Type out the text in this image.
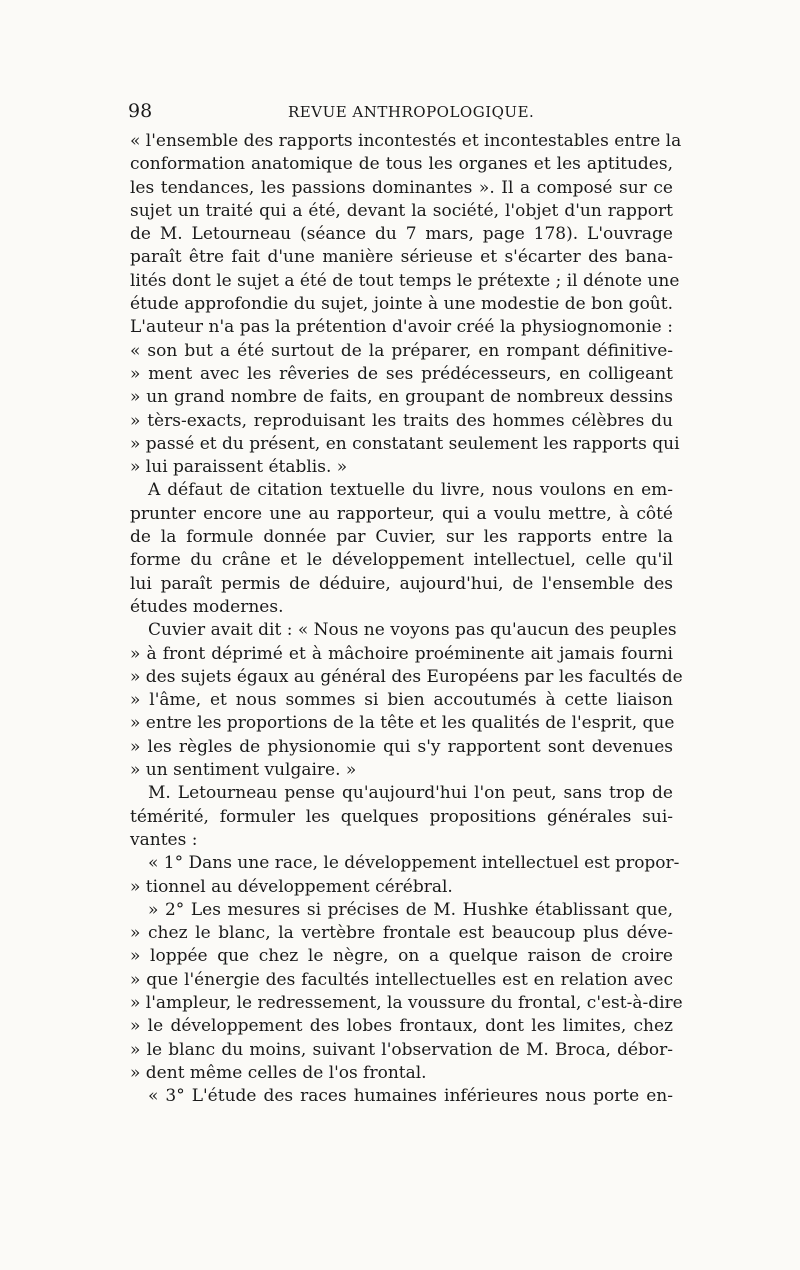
98	REVUE ANTHROPOLOGIQUE.
« l'ensemble des rapports incontestés et incontestables entre la
conformation anatomique de tous les organes et les aptitudes,
les tendances, les passions dominantes ». Il a composé sur ce
sujet un traité qui a été, devant la société, l'objet d'un rapport
de M. Letourneau (séance du 7 mars, page 178). L'ouvrage
paraît être fait d'une manière sérieuse et s'écarter des bana-
lités dont le sujet a été de tout temps le prétexte ; il dénote une
étude approfondie du sujet, jointe à une modestie de bon goût.
L'auteur n'a pas la prétention d'avoir créé la physiognomonie :
« son but a été surtout de la préparer, en rompant définitive-
» ment avec les rêveries de ses prédécesseurs, en colligeant
» un grand nombre de faits, en groupant de nombreux dessins
» tèrs-exacts, reproduisant les traits des hommes célèbres du
» passé et du présent, en constatant seulement les rapports qui
» lui paraissent établis. »
A défaut de citation textuelle du livre, nous voulons en em-
prunter encore une au rapporteur, qui a voulu mettre, à côté
de la formule donnée par Cuvier, sur les rapports entre la
forme du crâne et le développement intellectuel, celle qu'il
lui paraît permis de déduire, aujourd'hui, de l'ensemble des
études modernes.
Cuvier avait dit : « Nous ne voyons pas qu'aucun des peuples
» à front déprimé et à mâchoire proéminente ait jamais fourni
» des sujets égaux au général des Européens par les facultés de
» l'âme, et nous sommes si bien accoutumés à cette liaison
» entre les proportions de la tête et les qualités de l'esprit, que
» les règles de physionomie qui s'y rapportent sont devenues
» un sentiment vulgaire. »
M. Letourneau pense qu'aujourd'hui l'on peut, sans trop de
témérité, formuler les quelques propositions générales sui-
vantes :
« 1° Dans une race, le développement intellectuel est propor-
» tionnel au développement cérébral.
» 2° Les mesures si précises de M. Hushke établissant que,
» chez le blanc, la vertèbre frontale est beaucoup plus déve-
» loppée que chez le nègre, on a quelque raison de croire
» que l'énergie des facultés intellectuelles est en relation avec
» l'ampleur, le redressement, la voussure du frontal, c'est-à-dire
» le développement des lobes frontaux, dont les limites, chez
» le blanc du moins, suivant l'observation de M. Broca, débor-
» dent même celles de l'os frontal.
« 3° L'étude des races humaines inférieures nous porte en-
